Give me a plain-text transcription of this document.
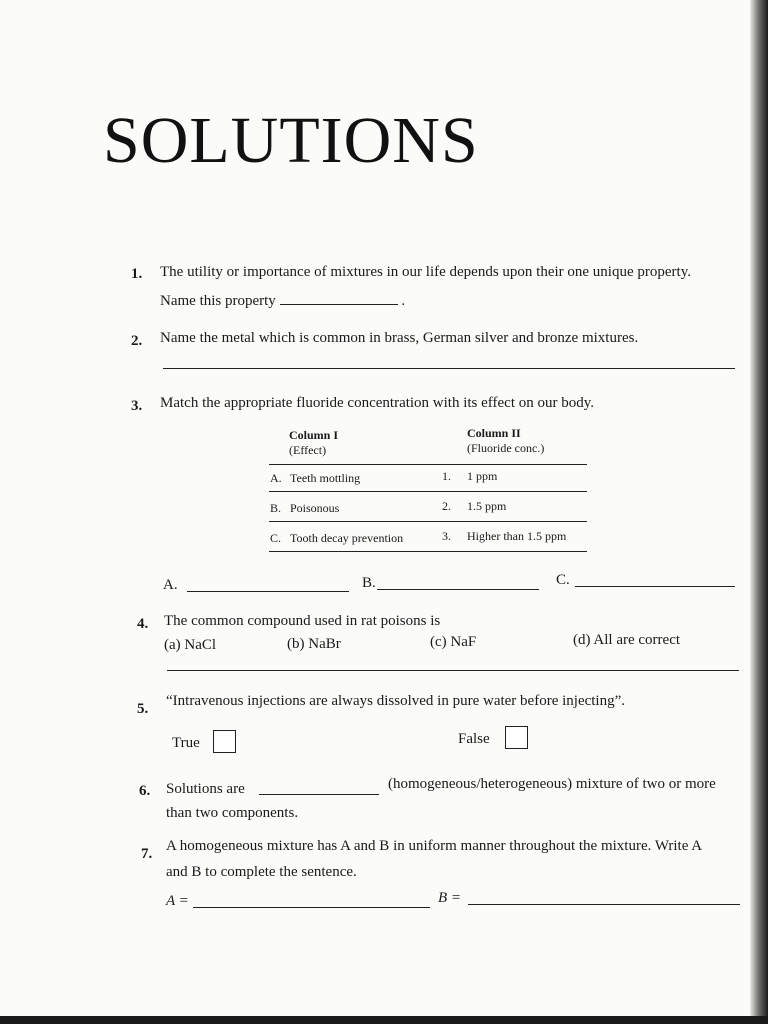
SOLUTIONS
1. The utility or importance of mixtures in our life depends upon their one unique property.
Name this property	.
2. Name the metal which is common in brass, German silver and bronze mixtures.
3. Match the appropriate fluoride concentration with its effect on our body.
Column I
(Effect)
Column II
(Fluoride conc.)
A. Teeth mottling	1. 1 ppm
B. Poisonous	2. 1.5 ppm
C. Tooth decay prevention	3. Higher than 1.5 ppm
A.	B.	C.
4. The common compound used in rat poisons is
(a) NaCl	(b) NaBr	(c) NaF	(d) All are correct
5. “Intravenous injections are always dissolved in pure water before injecting”.
True	False
6. Solutions are	(homogeneous/heterogeneous) mixture of two or more
than two components.
7. A homogeneous mixture has A and B in uniform manner throughout the mixture. Write A
and B to complete the sentence.
A =	B =
